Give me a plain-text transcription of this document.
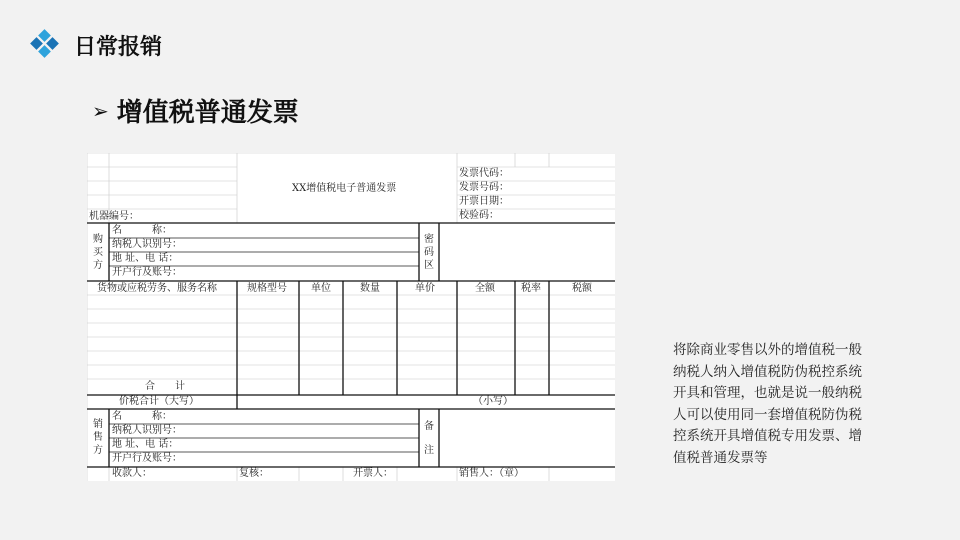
日常报销
➢ 增值税普通发票
XX增值税电子普通发票
机器编号：
发票代码：
发票号码：
开票日期：
校验码：
购买方
名　　　称：
纳税人识别号：
地 址、电 话：
开户行及账号：
密码区
货物或应税劳务、服务名称	规格型号 单位	数量	单价	全额	税率	税额
合　　计
价税合计（大写）	（小写）
销售方
名　　　称：
纳税人识别号：
地 址、电 话：
开户行及账号：
备注
收款人：	复核：	开票人：	销售人：（章）
将除商业零售以外的增值税一般纳税人纳入增值税防伪税控系统开具和管理，也就是说一般纳税人可以使用同一套增值税防伪税控系统开具增值税专用发票、增值税普通发票等
